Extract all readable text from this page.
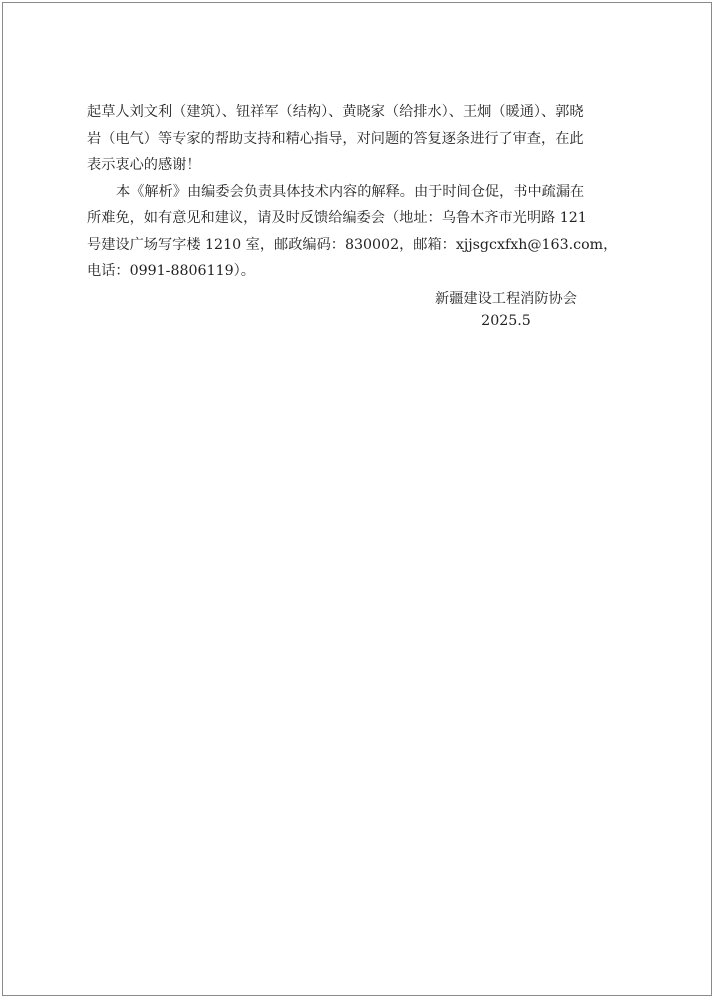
起草人刘文利（建筑）、钮祥军（结构）、黄晓家（给排水）、王炯（暖通）、郭晓
岩（电气）等专家的帮助支持和精心指导，对问题的答复逐条进行了审查，在此
表示衷心的感谢！

本《解析》由编委会负责具体技术内容的解释。由于时间仓促，书中疏漏在
所难免，如有意见和建议，请及时反馈给编委会（地址：乌鲁木齐市光明路 121
号建设广场写字楼 1210 室，邮政编码：830002，邮箱：xjjsgcxfxh@163.com，
电话：0991-8806119）。

新疆建设工程消防协会
2025.5
